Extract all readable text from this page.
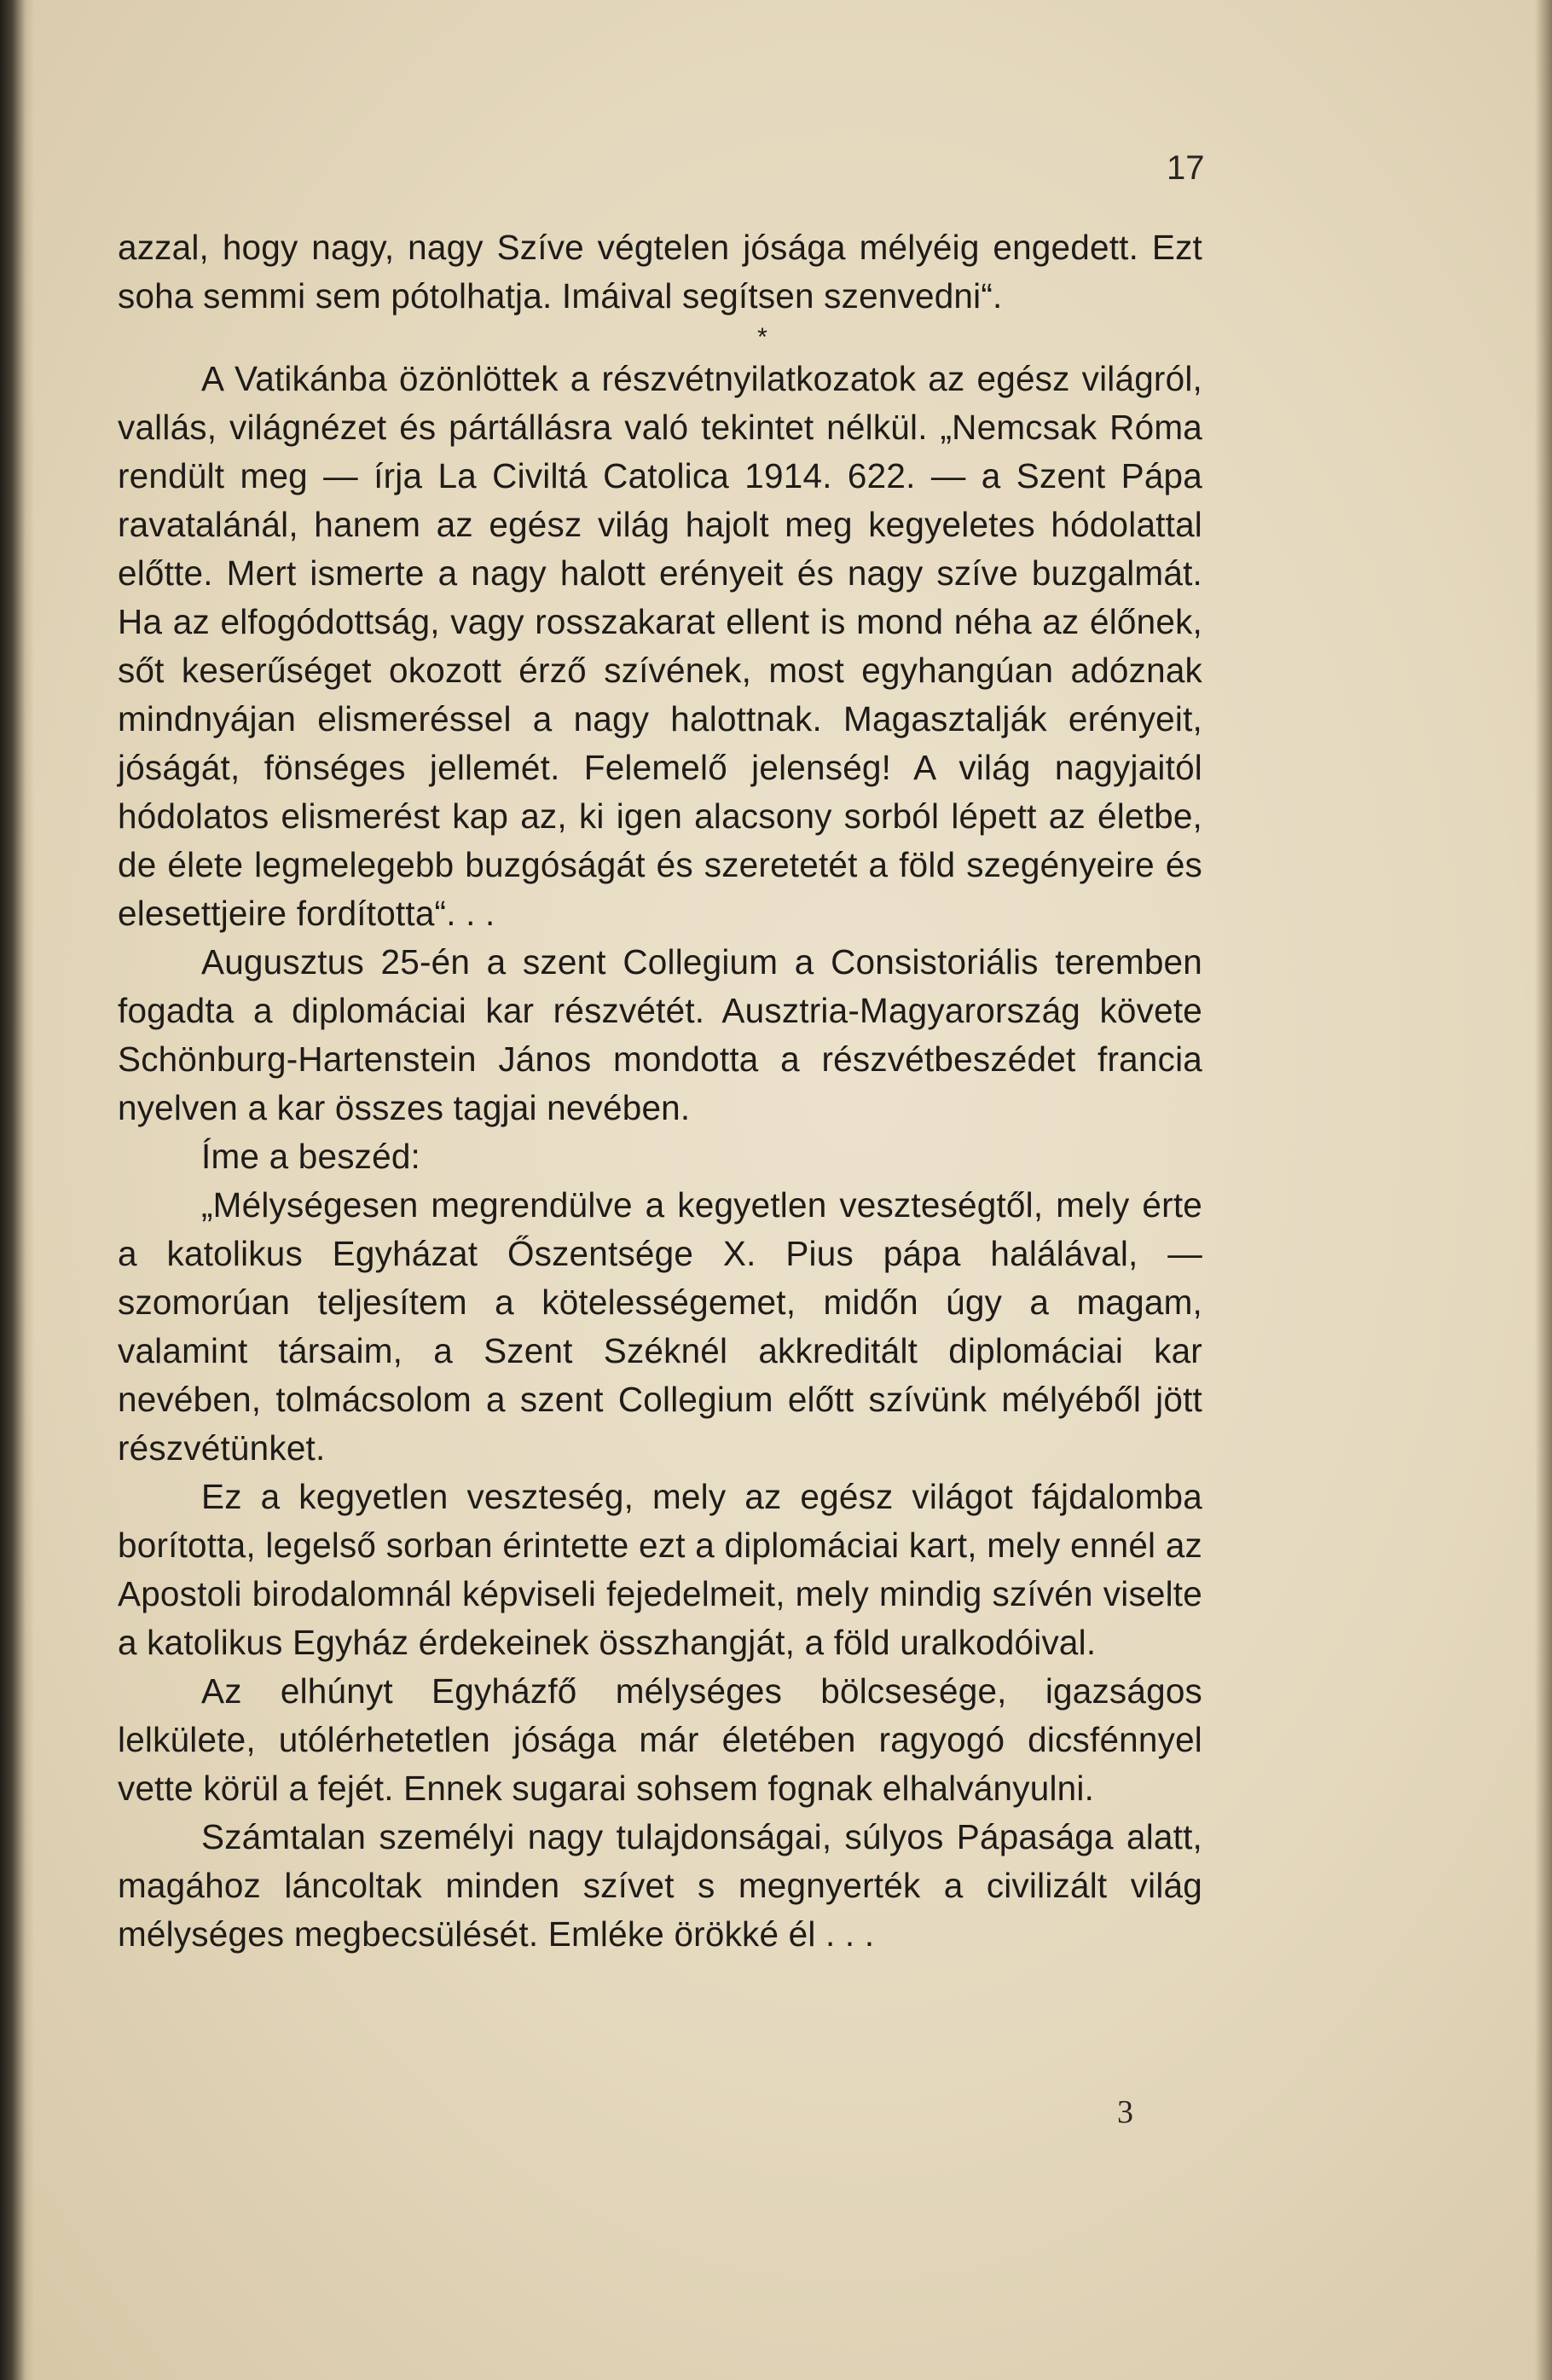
17

azzal, hogy nagy, nagy Szíve végtelen jósága mélyéig engedett. Ezt soha semmi sem pótolhatja. Imáival segítsen szenvedni“.

*

A Vatikánba özönlöttek a részvétnyilatkozatok az egész világról, vallás, világnézet és pártállásra való tekintet nélkül. „Nemcsak Róma rendült meg — írja La Civiltá Catolica 1914. 622. — a Szent Pápa ravatalánál, hanem az egész világ hajolt meg kegyeletes hódolattal előtte. Mert ismerte a nagy halott erényeit és nagy szíve buzgalmát. Ha az elfogódottság, vagy rosszakarat ellent is mond néha az élőnek, sőt keserűséget okozott érző szívének, most egyhangúan adóznak mindnyájan elismeréssel a nagy halottnak. Magasztalják erényeit, jóságát, fönséges jellemét. Felemelő jelenség! A világ nagyjaitól hódolatos elismerést kap az, ki igen alacsony sorból lépett az életbe, de élete legmelegebb buzgóságát és szeretetét a föld szegényeire és elesettjeire fordította“. . .

Augusztus 25-én a szent Collegium a Consistoriális teremben fogadta a diplomáciai kar részvétét. Ausztria-Magyarország követe Schönburg-Hartenstein János mondotta a részvétbeszédet francia nyelven a kar összes tagjai nevében.

Íme a beszéd:

„Mélységesen megrendülve a kegyetlen veszteségtől, mely érte a katolikus Egyházat Őszentsége X. Pius pápa halálával, — szomorúan teljesítem a kötelességemet, midőn úgy a magam, valamint társaim, a Szent Széknél akkreditált diplomáciai kar nevében, tolmácsolom a szent Collegium előtt szívünk mélyéből jött részvétünket.

Ez a kegyetlen veszteség, mely az egész világot fájdalomba borította, legelső sorban érintette ezt a diplomáciai kart, mely ennél az Apostoli birodalomnál képviseli fejedelmeit, mely mindig szívén viselte a katolikus Egyház érdekeinek összhangját, a föld uralkodóival.

Az elhúnyt Egyházfő mélységes bölcsesége, igazságos lelkülete, utólérhetetlen jósága már életében ragyogó dicsfénnyel vette körül a fejét. Ennek sugarai sohsem fognak elhalványulni.

Számtalan személyi nagy tulajdonságai, súlyos Pápasága alatt, magához láncoltak minden szívet s megnyerték a civilizált világ mélységes megbecsülését. Emléke örökké él . . .

3
